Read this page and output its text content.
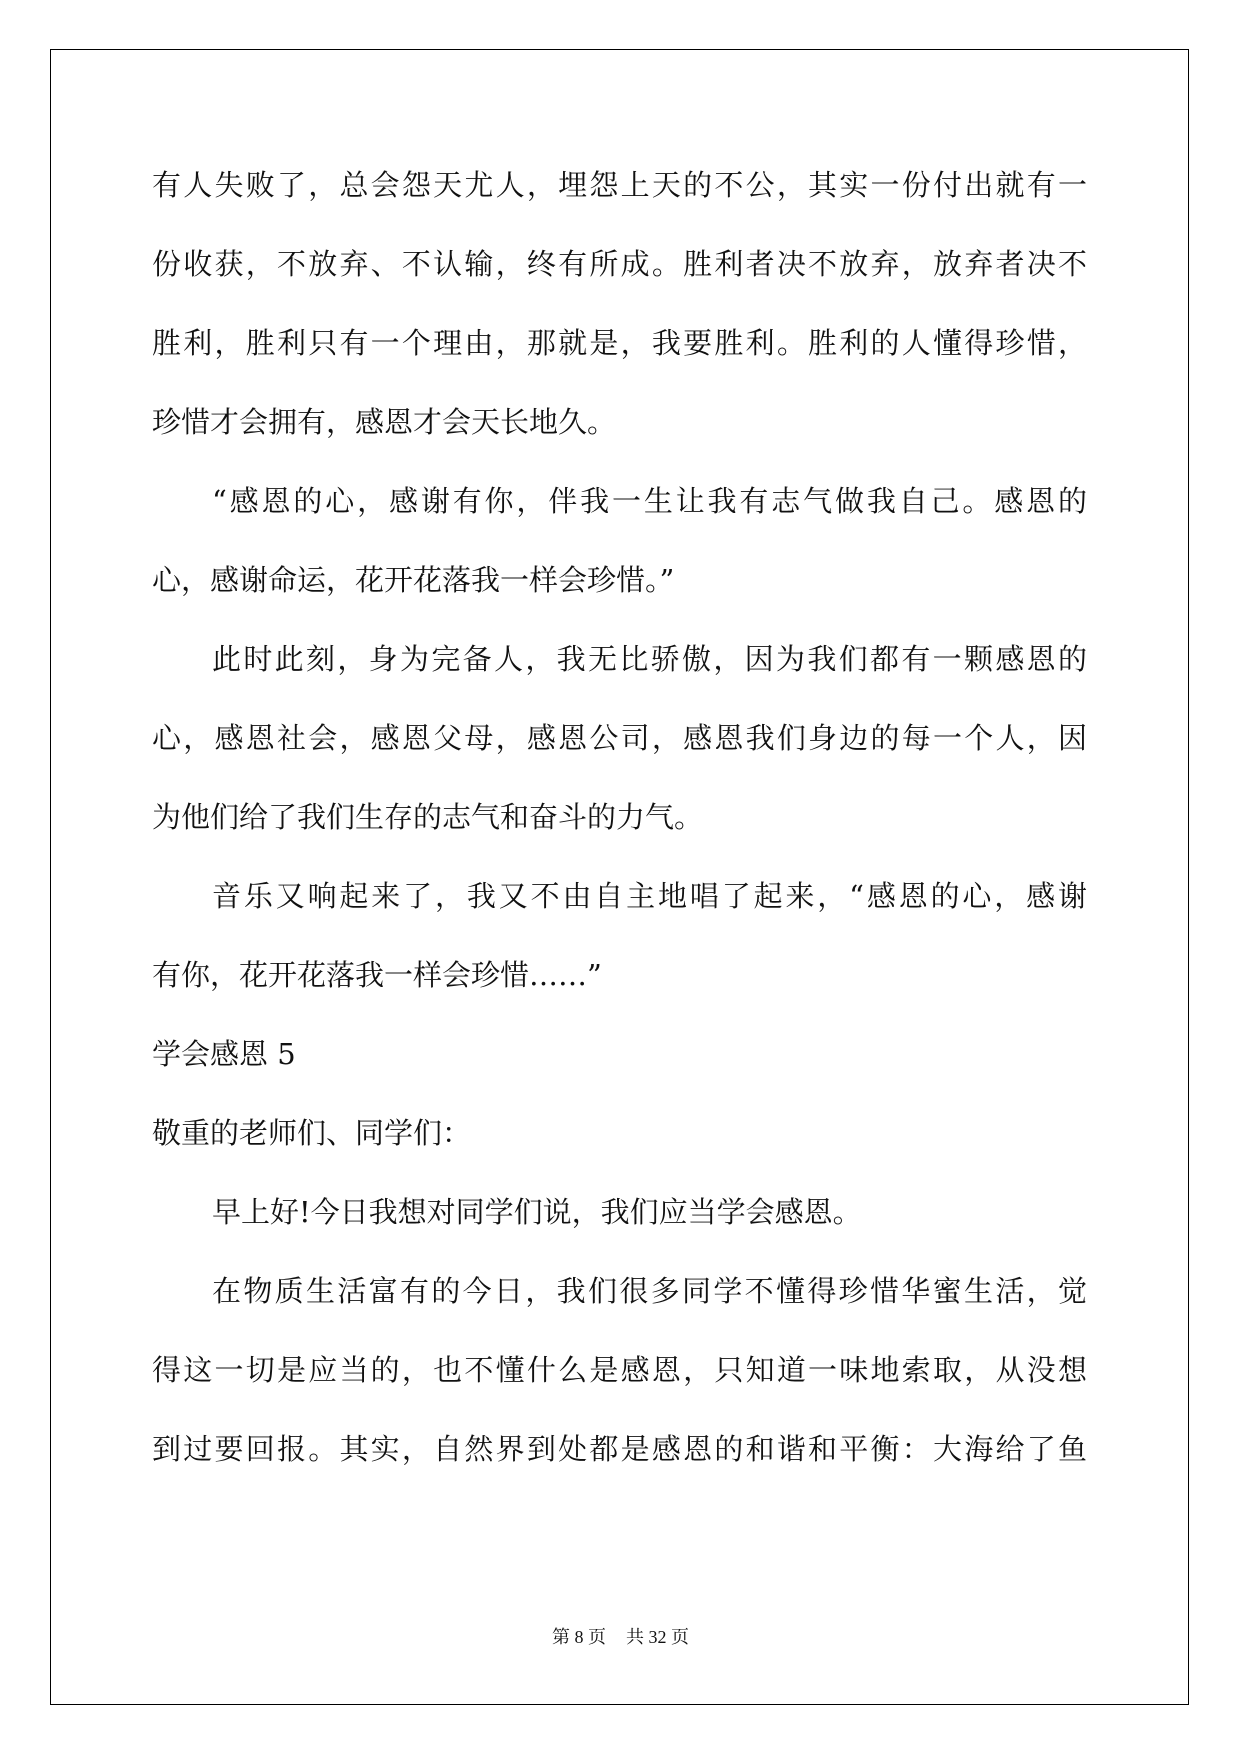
有人失败了，总会怨天尤人，埋怨上天的不公，其实一份付出就有一
份收获，不放弃、不认输，终有所成。胜利者决不放弃，放弃者决不
胜利，胜利只有一个理由，那就是，我要胜利。胜利的人懂得珍惜，
珍惜才会拥有，感恩才会天长地久。
“感恩的心，感谢有你，伴我一生让我有志气做我自己。感恩的
心，感谢命运，花开花落我一样会珍惜。”
此时此刻，身为完备人，我无比骄傲，因为我们都有一颗感恩的
心，感恩社会，感恩父母，感恩公司，感恩我们身边的每一个人，因
为他们给了我们生存的志气和奋斗的力气。
音乐又响起来了，我又不由自主地唱了起来，“感恩的心，感谢
有你，花开花落我一样会珍惜……”
学会感恩 5
敬重的老师们、同学们：
早上好!今日我想对同学们说，我们应当学会感恩。
在物质生活富有的今日，我们很多同学不懂得珍惜华蜜生活，觉
得这一切是应当的，也不懂什么是感恩，只知道一味地索取，从没想
到过要回报。其实，自然界到处都是感恩的和谐和平衡：大海给了鱼
第 8 页 共 32 页
